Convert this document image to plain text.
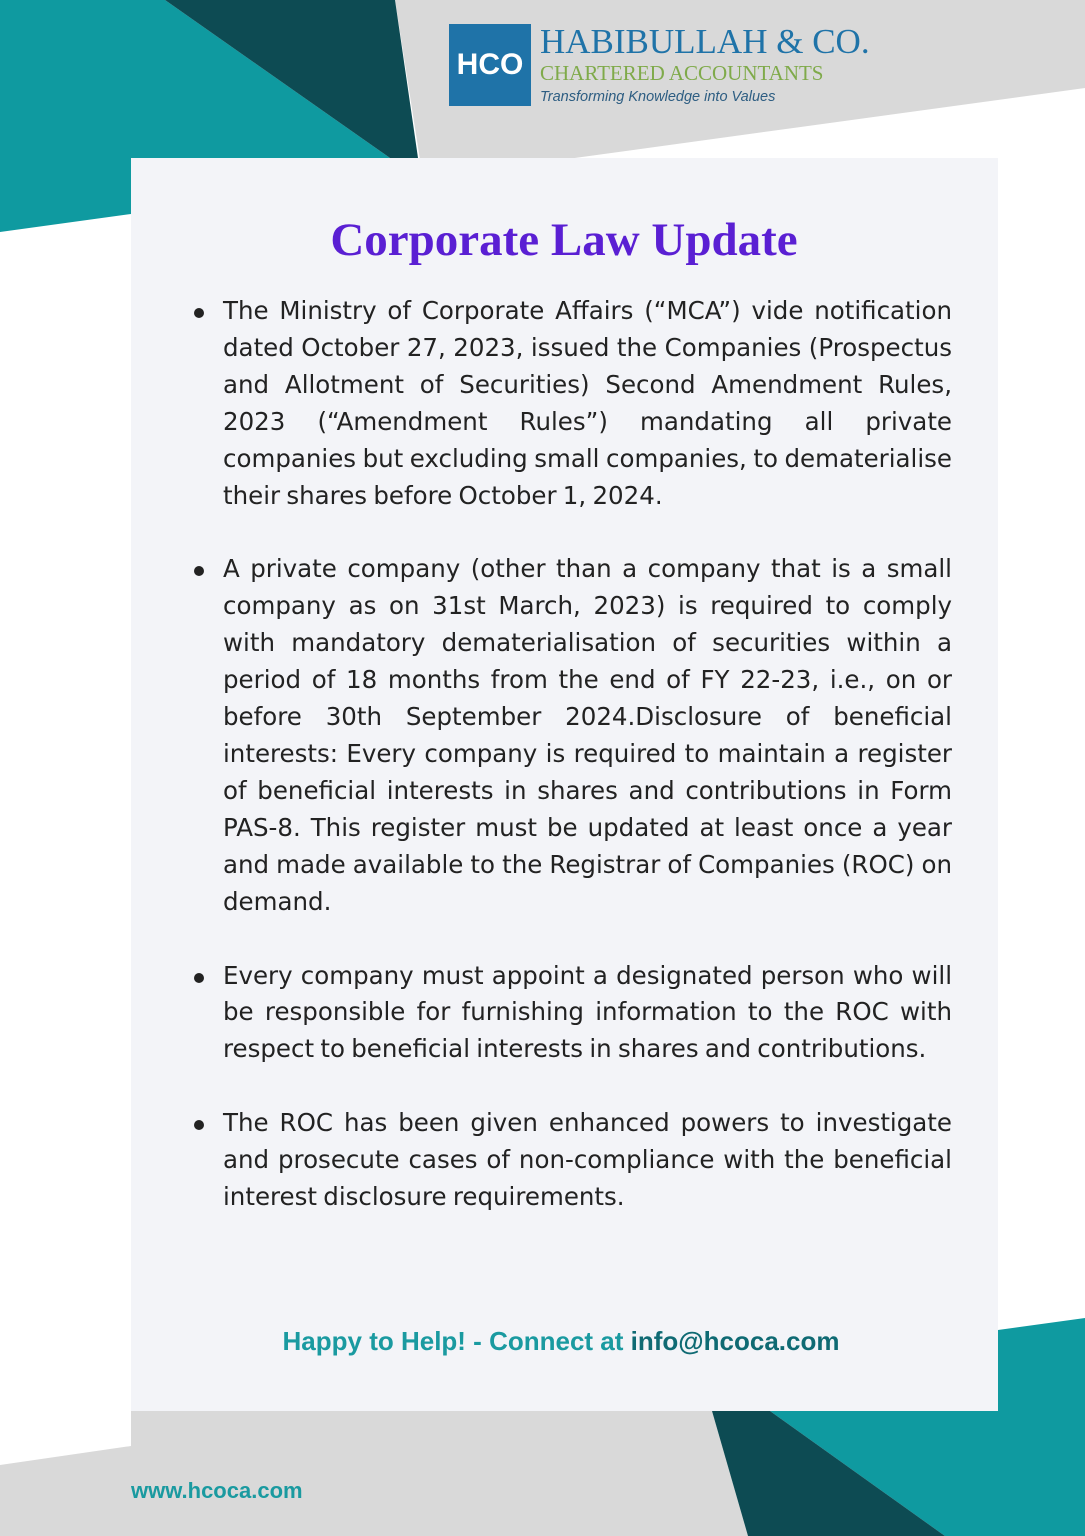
HCO
HABIBULLAH & CO.
CHARTERED ACCOUNTANTS
Transforming Knowledge into Values
Corporate Law Update
The Ministry of Corporate Affairs (“MCA”) vide notification dated October 27, 2023, issued the Companies (Prospectus and Allotment of Securities) Second Amendment Rules, 2023 (“Amendment Rules”) mandating all private companies but excluding small companies, to dematerialise their shares before October 1, 2024.
A private company (other than a company that is a small company as on 31st March, 2023) is required to comply with mandatory dematerialisation of securities within a period of 18 months from the end of FY 22-23, i.e., on or before 30th September 2024.Disclosure of beneficial interests: Every company is required to maintain a register of beneficial interests in shares and contributions in Form PAS-8. This register must be updated at least once a year and made available to the Registrar of Companies (ROC) on demand.
Every company must appoint a designated person who will be responsible for furnishing information to the ROC with respect to beneficial interests in shares and contributions.
The ROC has been given enhanced powers to investigate and prosecute cases of non-compliance with the beneficial interest disclosure requirements.
Happy to Help! - Connect at info@hcoca.com
www.hcoca.com
